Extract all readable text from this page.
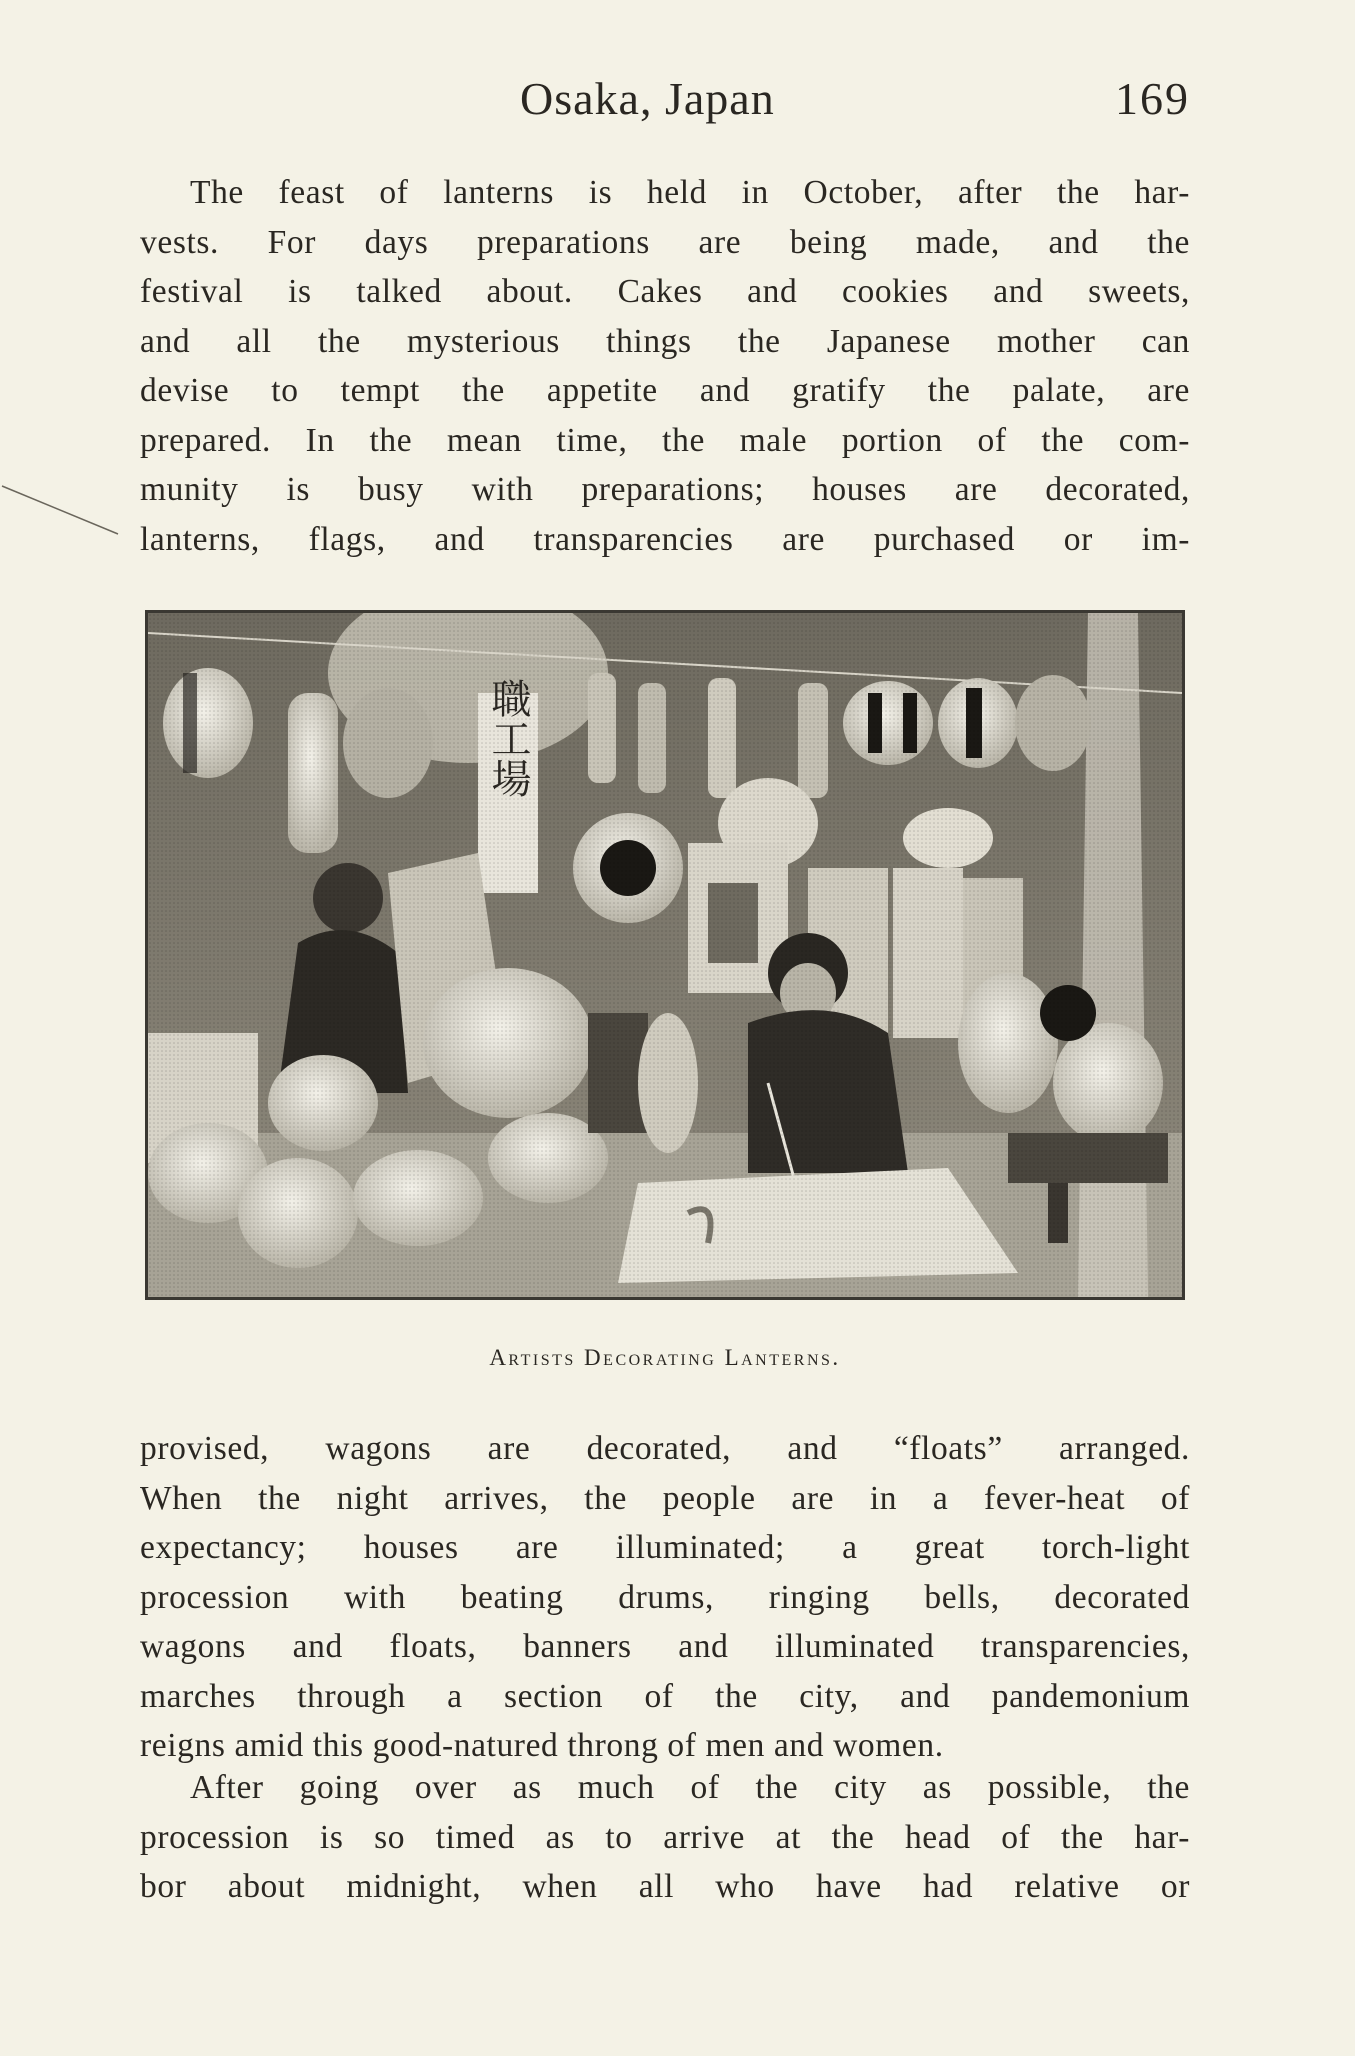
Osaka, Japan	169
The feast of lanterns is held in October, after the har-
vests. For days preparations are being made, and the
festival is talked about. Cakes and cookies and sweets,
and all the mysterious things the Japanese mother can
devise to tempt the appetite and gratify the palate, are
prepared. In the mean time, the male portion of the com-
munity is busy with preparations; houses are decorated,
lanterns, flags, and transparencies are purchased or im-
Artists Decorating Lanterns.
provised, wagons are decorated, and “floats” arranged.
When the night arrives, the people are in a fever-heat of
expectancy; houses are illuminated; a great torch-light
procession with beating drums, ringing bells, decorated
wagons and floats, banners and illuminated transparencies,
marches through a section of the city, and pandemonium
reigns amid this good-natured throng of men and women.
After going over as much of the city as possible, the
procession is so timed as to arrive at the head of the har-
bor about midnight, when all who have had relative or
